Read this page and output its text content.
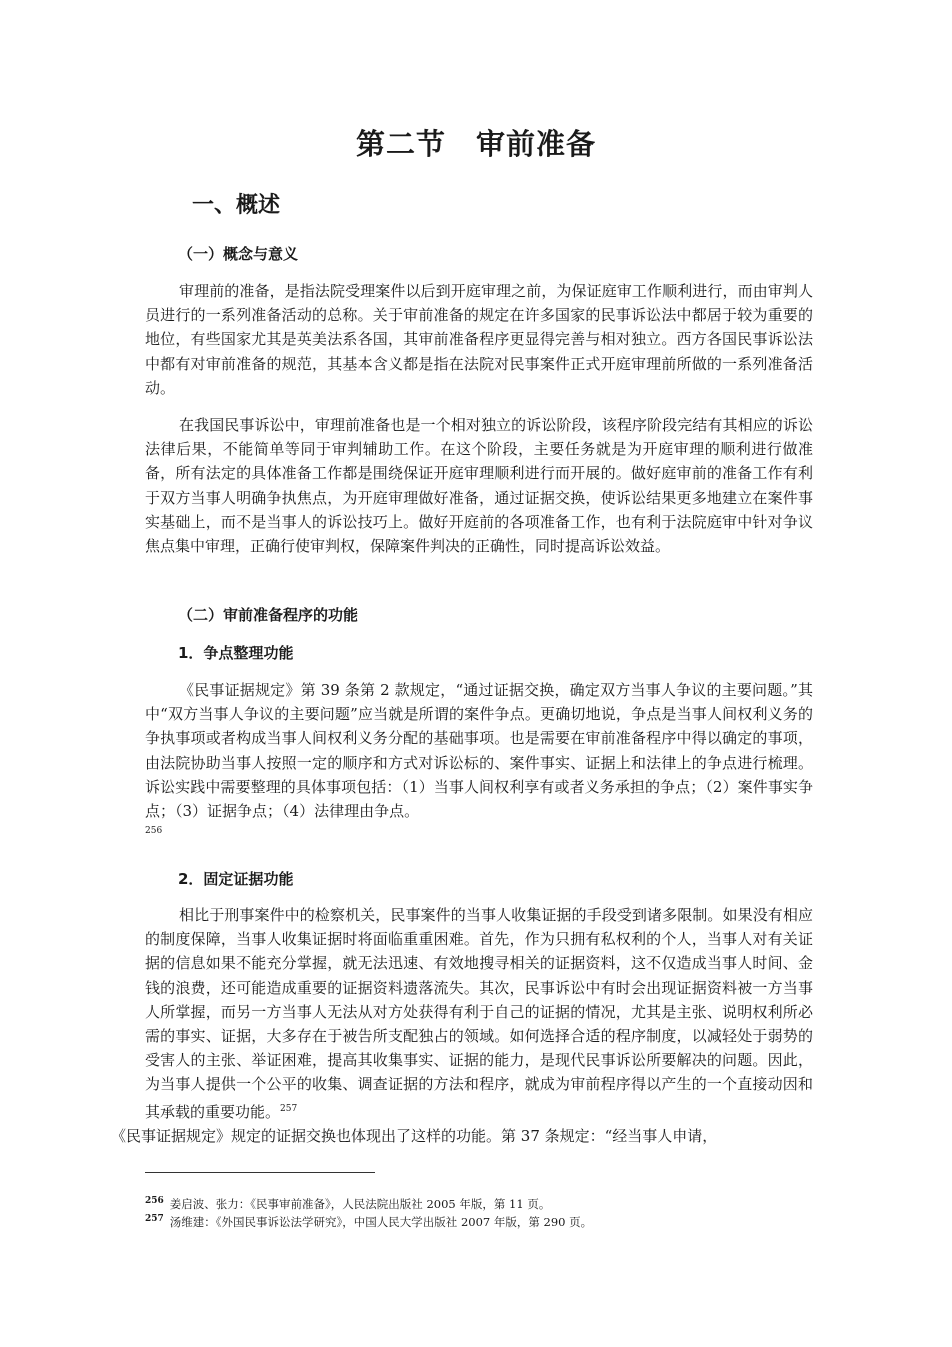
第二节　审前准备
一、概述
（一）概念与意义

审理前的准备，是指法院受理案件以后到开庭审理之前，为保证庭审工作顺利进行，而由审判人员进行的一系列准备活动的总称。关于审前准备的规定在许多国家的民事诉讼法中都居于较为重要的地位，有些国家尤其是英美法系各国，其审前准备程序更显得完善与相对独立。西方各国民事诉讼法中都有对审前准备的规范，其基本含义都是指在法院对民事案件正式开庭审理前所做的一系列准备活动。

在我国民事诉讼中，审理前准备也是一个相对独立的诉讼阶段，该程序阶段完结有其相应的诉讼法律后果，不能简单等同于审判辅助工作。在这个阶段，主要任务就是为开庭审理的顺利进行做准备，所有法定的具体准备工作都是围绕保证开庭审理顺利进行而开展的。做好庭审前的准备工作有利于双方当事人明确争执焦点，为开庭审理做好准备，通过证据交换，使诉讼结果更多地建立在案件事实基础上，而不是当事人的诉讼技巧上。做好开庭前的各项准备工作，也有利于法院庭审中针对争议焦点集中审理，正确行使审判权，保障案件判决的正确性，同时提高诉讼效益。

（二）审前准备程序的功能
1．争点整理功能

《民事证据规定》第 39 条第 2 款规定，“通过证据交换，确定双方当事人争议的主要问题。”其中“双方当事人争议的主要问题”应当就是所谓的案件争点。更确切地说，争点是当事人间权利义务的争执事项或者构成当事人间权利义务分配的基础事项。也是需要在审前准备程序中得以确定的事项，由法院协助当事人按照一定的顺序和方式对诉讼标的、案件事实、证据上和法律上的争点进行梳理。诉讼实践中需要整理的具体事项包括：（1）当事人间权利享有或者义务承担的争点；（2）案件事实争点；（3）证据争点；（4）法律理由争点。

256
2．固定证据功能

相比于刑事案件中的检察机关，民事案件的当事人收集证据的手段受到诸多限制。如果没有相应的制度保障，当事人收集证据时将面临重重困难。首先，作为只拥有私权利的个人，当事人对有关证据的信息如果不能充分掌握，就无法迅速、有效地搜寻相关的证据资料，这不仅造成当事人时间、金钱的浪费，还可能造成重要的证据资料遗落流失。其次，民事诉讼中有时会出现证据资料被一方当事人所掌握，而另一方当事人无法从对方处获得有利于自己的证据的情况，尤其是主张、说明权利所必需的事实、证据，大多存在于被告所支配独占的领域。如何选择合适的程序制度，以减轻处于弱势的受害人的主张、举证困难，提高其收集事实、证据的能力，是现代民事诉讼所要解决的问题。因此，为当事人提供一个公平的收集、调查证据的方法和程序，就成为审前程序得以产生的一个直接动因和其承载的重要功能。$^{257}$
《民事证据规定》规定的证据交换也体现出了这样的功能。第 37 条规定：“经当事人申请，

$^{256}$ 姜启波、张力：《民事审前准备》，人民法院出版社 2005 年版，第 11 页。
$^{257}$ 汤维建：《外国民事诉讼法学研究》，中国人民大学出版社 2007 年版，第 290 页。
